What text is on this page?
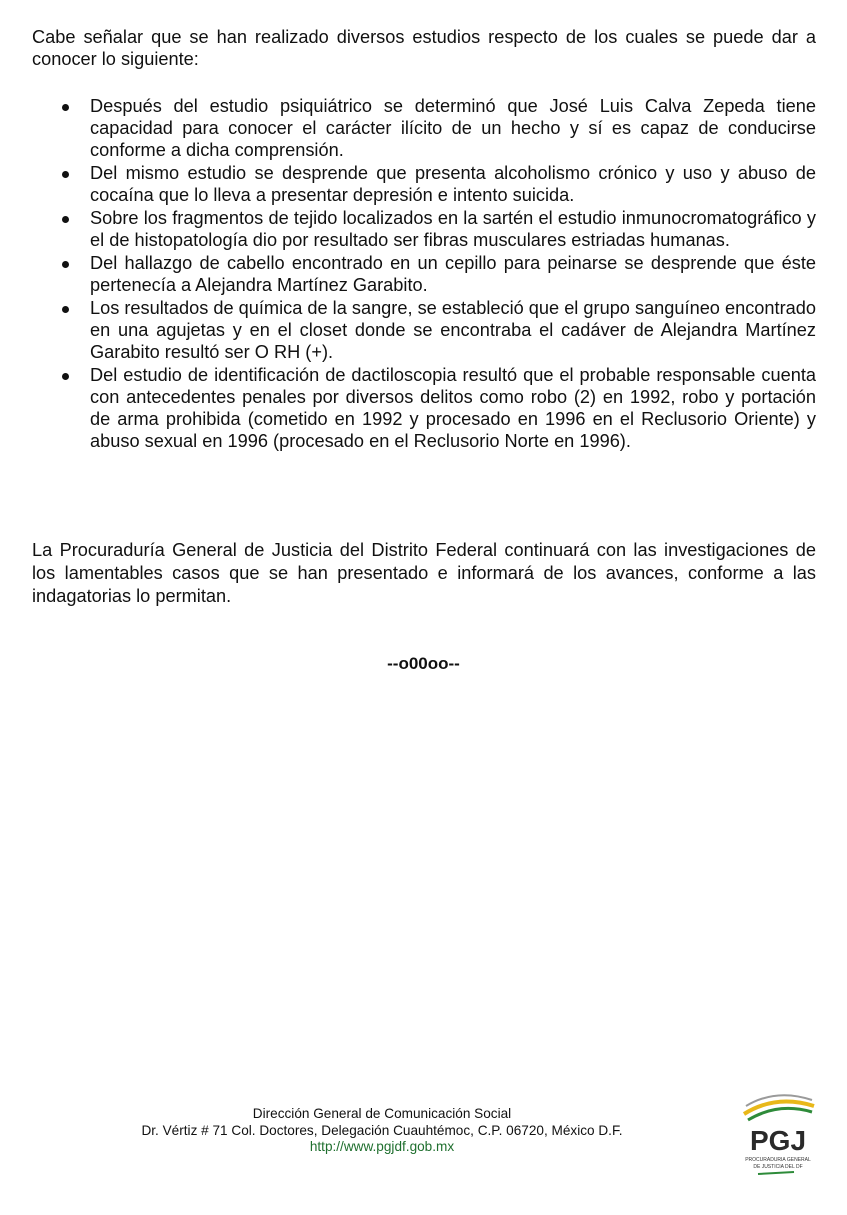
Cabe señalar que se han realizado diversos estudios respecto de los cuales se puede dar a conocer lo siguiente:

Después del estudio psiquiátrico se determinó que José Luis Calva Zepeda tiene capacidad para conocer el carácter ilícito de un hecho y sí es capaz de conducirse conforme a dicha comprensión.
Del mismo estudio se desprende que presenta alcoholismo crónico y uso y abuso de cocaína que lo lleva a presentar depresión e intento suicida.
Sobre los fragmentos de tejido localizados en la sartén el estudio inmunocromatográfico y el de histopatología dio por resultado ser fibras musculares estriadas humanas.
Del hallazgo de cabello encontrado en un cepillo para peinarse se desprende que éste pertenecía a Alejandra Martínez Garabito.
Los resultados de química de la sangre, se estableció que el grupo sanguíneo encontrado en una agujetas y en el closet donde se encontraba el cadáver de Alejandra Martínez Garabito resultó ser O RH (+).
Del estudio de identificación de dactiloscopia resultó que el probable responsable cuenta con antecedentes penales por diversos delitos como robo (2) en 1992, robo y portación de arma prohibida (cometido en 1992 y procesado en 1996 en el Reclusorio Oriente) y abuso sexual en 1996 (procesado en el Reclusorio Norte en 1996).

La Procuraduría General de Justicia del Distrito Federal continuará con las investigaciones de los lamentables casos que se han presentado e informará de los avances, conforme a las indagatorias lo permitan.

--o00oo--

Dirección General de Comunicación Social
Dr. Vértiz # 71 Col. Doctores, Delegación Cuauhtémoc, C.P. 06720, México D.F.
http://www.pgjdf.gob.mx	PGJ
PROCURADURIA GENERAL
DE JUSTICIA DEL DF
